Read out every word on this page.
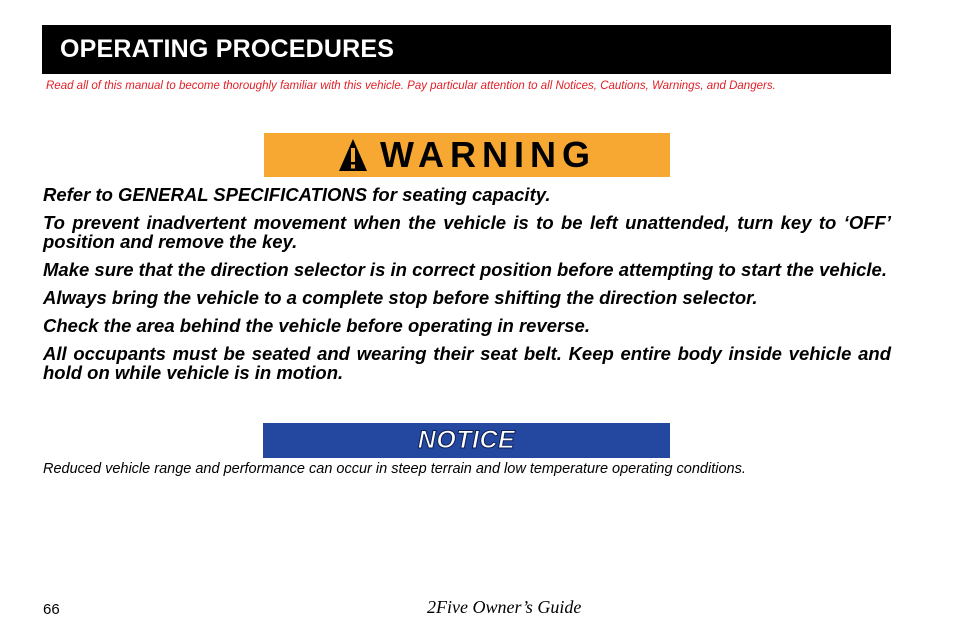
OPERATING PROCEDURES
Read all of this manual to become thoroughly familiar with this vehicle. Pay particular attention to all Notices, Cautions, Warnings, and Dangers.
WARNING

Refer to GENERAL SPECIFICATIONS for seating capacity.

To prevent inadvertent movement when the vehicle is to be left unattended, turn key to ‘OFF’ position and remove the key.

Make sure that the direction selector is in correct position before attempting to start the vehicle.

Always bring the vehicle to a complete stop before shifting the direction selector.

Check the area behind the vehicle before operating in reverse.

All occupants must be seated and wearing their seat belt. Keep entire body inside vehicle and hold on while vehicle is in motion.

NOTICE
Reduced vehicle range and performance can occur in steep terrain and low temperature operating conditions.
66	2Five Owner’s Guide
